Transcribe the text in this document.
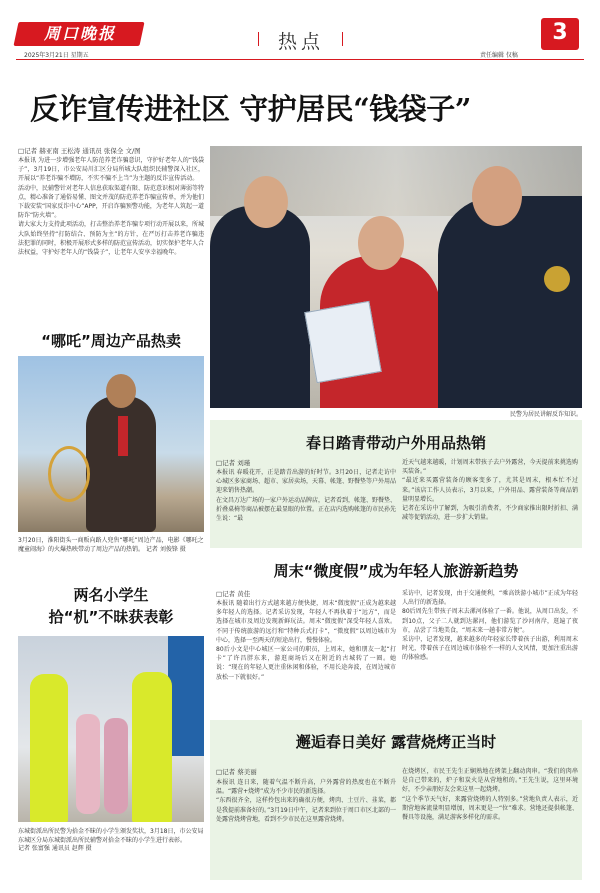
周口晚报	热点
2025年3月21日 星期五	责任编辑 仅稿
3
反诈宣传进社区 守护居民“钱袋子”
□记者 赫亚南 王松涛 通讯员 张保全 文/图
本报讯 为进一步增强老年人防范养老诈骗意识，守护好老年人的“钱袋子”，3月19日，市公安局川汇区分局所城大队组织民辅警深入社区，开展以“养老诈骗不增防，不实不骗不上当”为主题的反诈宣传活动。
活动中，民辅警针对老年人信息获取渠道有限、防范意识相对薄弱等特点，精心准备了通俗易懂、图文并茂的防范养老诈骗宣传单，并为他们下载安装“国家反诈中心”APP，开启诈骗预警功能，为老年人筑起一道防诈“防火墙”。
请大家大力支持此项活动，打击整治养老诈骗专项行动开展以来，所城大队始终坚持“打防结合、预防为主”的方针，在严厉打击养老诈骗违法犯罪的同时，积极开展形式多样的防范宣传活动，切实保护老年人合法权益，守护好老年人的“钱袋子”，让老年人安享幸福晚年。
“哪吒”周边产品热卖
3月20日，淮阳街头一商贩向路人兜售“哪吒”周边产品，电影《哪吒之魔童闹海》的火爆热映带动了周边产品的热销。 记者 刘俊锋 摄
两名小学生
拾“机”不昧获表彰
东城街派出所民警为拾金不昧的小学生颁发奖状，3月18日，市公安局东城区分局东城街派出所民辅警对拾金不昧的小学生进行表彰。
记者 张富强 通讯员 赵辉 摄
民警为居民讲解反诈知识。
春日踏青带动户外用品热销
□记者 刘瑾
本报讯 春暖花开，正是踏青出游的好时节。3月20日，记者走访中心城区多家商场、超市、家居卖场，天幕、帐篷、野餐垫等户外用品迎来销售热潮。
在文昌万达广场的一家户外运动品牌店，记者看到，帐篷、野餐垫、折叠桌椅等商品被摆在最显眼的位置。正在店内选购帐篷的市民孙先生说：“最
近天气越来越暖，计划周末带孩子去户外露营，今天提前来挑选购买装备。”
“最近来买露营装备的顾客变多了，尤其是周末，根本忙不过来。”该店工作人员表示，3月以来，户外用品、露营装备等商品销量明显增长。
记者在采访中了解到，为吸引消费者，不少商家推出限时折扣、满减等促销活动，进一步扩大销量。
周末“微度假”成为年轻人旅游新趋势
□记者 黄佳
本报讯 随着出行方式越来越方便快捷，周末“微度假”正成为越来越多年轻人的选择。记者采访发现，年轻人不再执着于“远方”，而是选择在城市及周边发现新鲜玩法。周末“微度假”深受年轻人喜欢。不同于传统旅游的远行和“特种兵式打卡”，“微度假”以周边城市为中心，选择一至两天的短途出行，慢慢体验。
80后小文是中心城区一家公司的职员，上周末，她和朋友一起“打卡”了许昌胖东来，游逛商场后又在附近的古城转了一圈。她说：“现在的年轻人更注重休闲和体验，不用长途奔波，在周边城市放松一下就很好。”
采访中，记者发现，由于交通便利，“乘高铁游小城市”正成为年轻人出行的新选择。
80后周先生带孩子周末去漯河体验了一番。他说，从周口出发，不到10点，父子二人就到达漯河，他们游览了沙河南岸，逛遍了夜市，品尝了当地美食，“周末来一趟非常方便”。
采访中，记者发现，越来越多的年轻家长带着孩子出游，利用周末时光，带着孩子在周边城市体验不一样的人文风情，更加注重出游的体验感。
邂逅春日美好 露营烧烤正当时
□记者 蔡美丽
本报讯 连日来，随着气温不断升高，户外露营的热度也在不断升温。“露营+烧烤”成为不少市民的新选择。
“东西很齐全，这样拎包出来的确很方便，烤肉、土豆片、韭菜，都是我提前准备好的。”3月19日中午，记者来到位于周口市区北部的一处露营烧烤营地，看到不少市民在这里露营烧烤。
在烧烤区，市民王先生正娴熟地在烤架上翻动肉串。“我们的肉串是自己带来的，炉子和炭火是从营地租的。”王先生说，这里环境好，不少亲朋好友会来这里一起烧烤。
“这个季节天气好，来露营烧烤的人特别多。”营地负责人表示，近期营地客流量明显增加，周末更是一“位”难求。营地还提供帐篷、餐具等设施，满足游客多样化的需求。
